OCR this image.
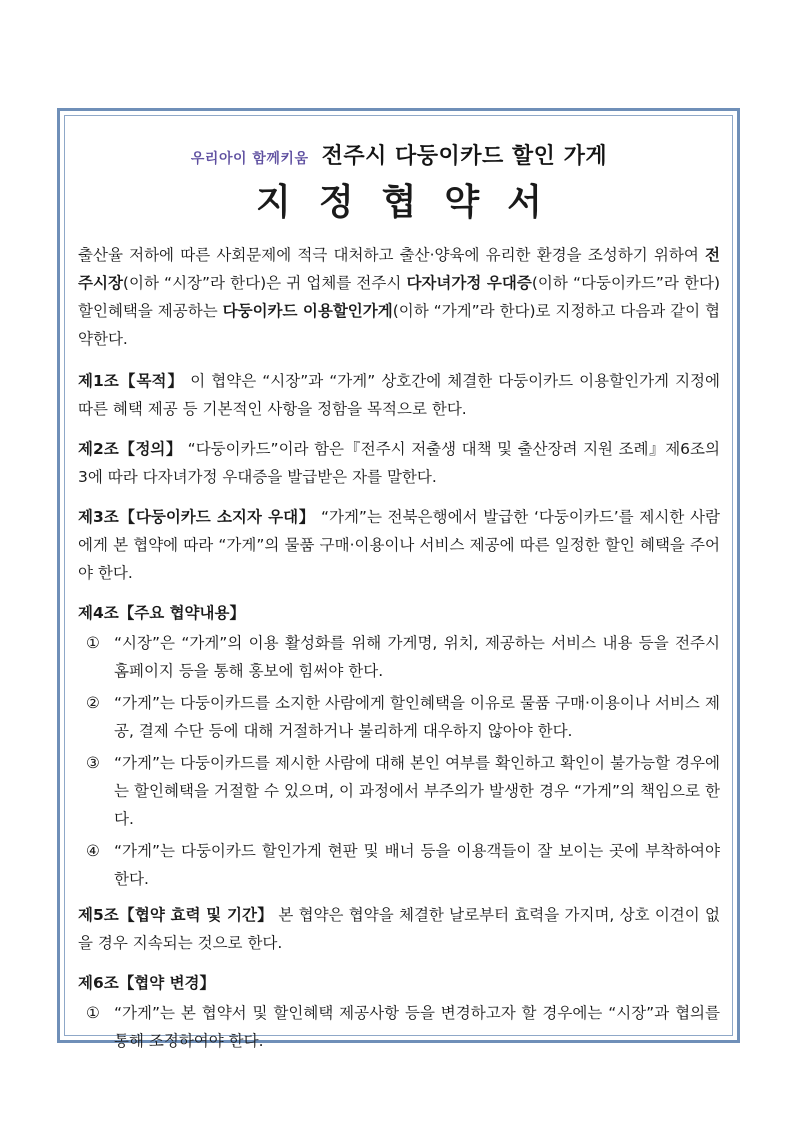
우리아이 함께키움 전주시 다둥이카드 할인 가게
지정협약서

출산율 저하에 따른 사회문제에 적극 대처하고 출산·양육에 유리한 환경을 조성하기 위하여 전주시장(이하 “시장”라 한다)은 귀 업체를 전주시 다자녀가정 우대증(이하 “다둥이카드”라 한다) 할인혜택을 제공하는 다둥이카드 이용할인가게(이하 “가게”라 한다)로 지정하고 다음과 같이 협약한다.

제1조【목적】 이 협약은 “시장”과 “가게” 상호간에 체결한 다둥이카드 이용할인가게 지정에 따른 혜택 제공 등 기본적인 사항을 정함을 목적으로 한다.

제2조【정의】 “다둥이카드”이라 함은『전주시 저출생 대책 및 출산장려 지원 조례』제6조의3에 따라 다자녀가정 우대증을 발급받은 자를 말한다.

제3조【다둥이카드 소지자 우대】 “가게”는 전북은행에서 발급한 ‘다둥이카드’를 제시한 사람에게 본 협약에 따라 “가게”의 물품 구매·이용이나 서비스 제공에 따른 일정한 할인 혜택을 주어야 한다.

제4조【주요 협약내용】

① “시장”은 “가게”의 이용 활성화를 위해 가게명, 위치, 제공하는 서비스 내용 등을 전주시 홈페이지 등을 통해 홍보에 힘써야 한다.
② “가게”는 다둥이카드를 소지한 사람에게 할인혜택을 이유로 물품 구매·이용이나 서비스 제공, 결제 수단 등에 대해 거절하거나 불리하게 대우하지 않아야 한다.
③ “가게”는 다둥이카드를 제시한 사람에 대해 본인 여부를 확인하고 확인이 불가능할 경우에는 할인혜택을 거절할 수 있으며, 이 과정에서 부주의가 발생한 경우 “가게”의 책임으로 한다.
④ “가게”는 다둥이카드 할인가게 현판 및 배너 등을 이용객들이 잘 보이는 곳에 부착하여야 한다.

제5조【협약 효력 및 기간】 본 협약은 협약을 체결한 날로부터 효력을 가지며, 상호 이견이 없을 경우 지속되는 것으로 한다.

제6조【협약 변경】

① “가게”는 본 협약서 및 할인혜택 제공사항 등을 변경하고자 할 경우에는 “시장”과 협의를 통해 조정하여야 한다.
